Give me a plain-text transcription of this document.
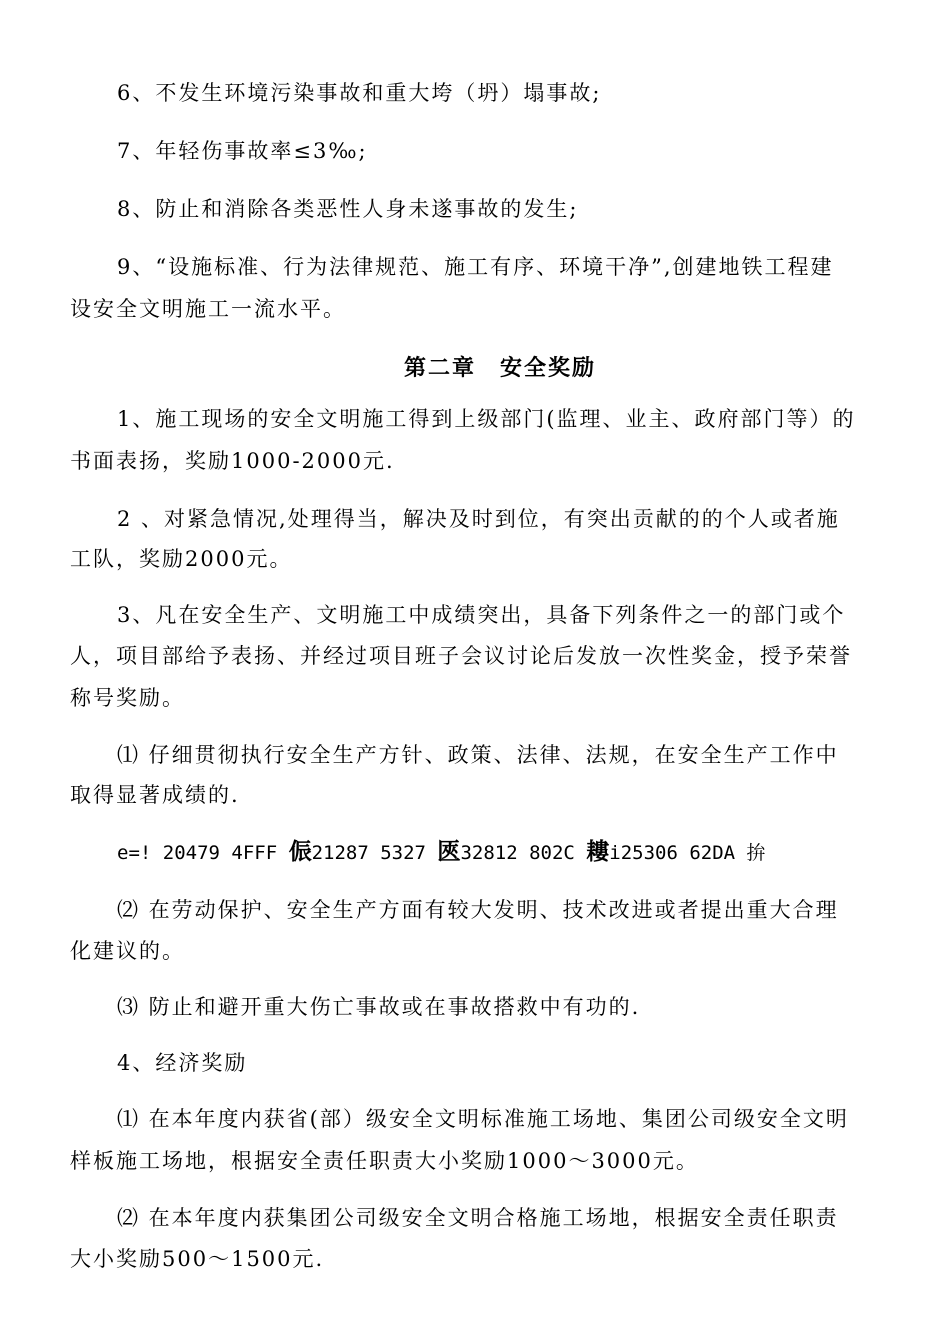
6、不发生环境污染事故和重大垮（坍）塌事故;
7、年轻伤事故率≤3‰;
8、防止和消除各类恶性人身未遂事故的发生;
9、“设施标准、行为法律规范、施工有序、环境干净”,创建地铁工程建
设安全文明施工一流水平。
第二章　安全奖励
1、施工现场的安全文明施工得到上级部门(监理、业主、政府部门等）的
书面表扬，奖励1000-2000元.
2 、对紧急情况,处理得当，解决及时到位，有突出贡献的的个人或者施
工队，奖励2000元。
3、凡在安全生产、文明施工中成绩突出，具备下列条件之一的部门或个
人，项目部给予表扬、并经过项目班子会议讨论后发放一次性奖金，授予荣誉
称号奖励。
⑴ 仔细贯彻执行安全生产方针、政策、法律、法规，在安全生产工作中
取得显著成绩的.
e=! 20479 4FFF 侲21287 5327 匧32812 802C 耬i25306 62DA 拚
⑵ 在劳动保护、安全生产方面有较大发明、技术改进或者提出重大合理
化建议的。
⑶ 防止和避开重大伤亡事故或在事故搭救中有功的.
4、经济奖励
⑴ 在本年度内获省(部）级安全文明标准施工场地、集团公司级安全文明
样板施工场地，根据安全责任职责大小奖励1000～3000元。
⑵ 在本年度内获集团公司级安全文明合格施工场地，根据安全责任职责
大小奖励500～1500元.
